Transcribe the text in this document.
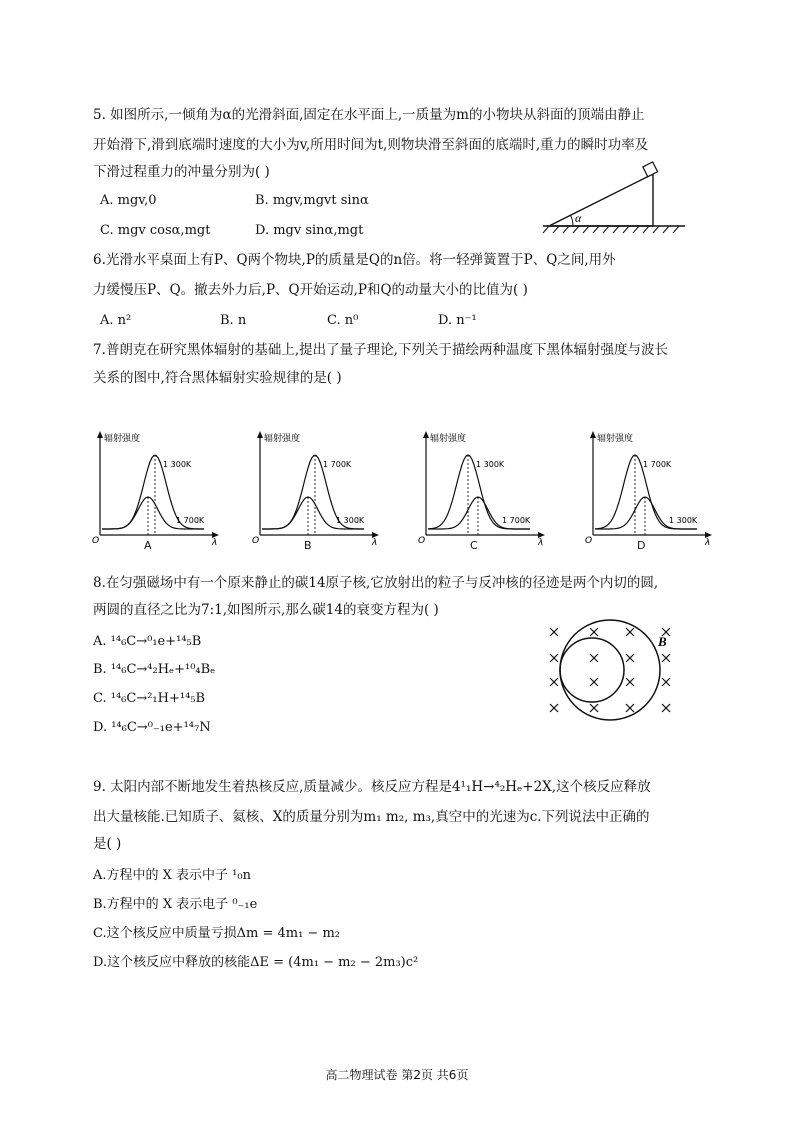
5. 如图所示,一倾角为α的光滑斜面,固定在水平面上,一质量为m的小物块从斜面的顶端由静止
开始滑下,滑到底端时速度的大小为v,所用时间为t,则物块滑至斜面的底端时,重力的瞬时功率及
下滑过程重力的冲量分别为( )
A. mgv,0	B. mgv,mgvt sinα
C. mgv cosα,mgt	D. mgv sinα,mgt
α
6.光滑水平桌面上有P、Q两个物块,P的质量是Q的n倍。将一轻弹簧置于P、Q之间,用外
力缓慢压P、Q。撤去外力后,P、Q开始运动,P和Q的动量大小的比值为( )
A. n²	B. n	C. n⁰	D. n⁻¹
7.普朗克在研究黑体辐射的基础上,提出了量子理论,下列关于描绘两种温度下黑体辐射强度与波长
关系的图中,符合黑体辐射实验规律的是( )
辐射强度
1 300K
1 700K
O	λ
A
辐射强度
1 700K
1 300K
O	λ
B
辐射强度
1 300K
1 700K
O	λ
C
辐射强度
1 700K
1 300K
O	λ
D
8.在匀强磁场中有一个原来静止的碳14原子核,它放射出的粒子与反冲核的径迹是两个内切的圆,
两圆的直径之比为7:1,如图所示,那么碳14的衰变方程为( )
A. ¹⁴₆C→⁰₁e+¹⁴₅B
B. ¹⁴₆C→⁴₂Hₑ+¹⁰₄Bₑ
C. ¹⁴₆C→²₁H+¹⁴₅B
D. ¹⁴₆C→⁰₋₁e+¹⁴₇N
B
9. 太阳内部不断地发生着热核反应,质量减少。核反应方程是4¹₁H→⁴₂Hₑ+2X,这个核反应释放
出大量核能.已知质子、氦核、X的质量分别为m₁ m₂, m₃,真空中的光速为c.下列说法中正确的
是( )
A.方程中的 X 表示中子 ¹₀n
B.方程中的 X 表示电子 ⁰₋₁e
C.这个核反应中质量亏损Δm = 4m₁ − m₂
D.这个核反应中释放的核能ΔE = (4m₁ − m₂ − 2m₃)c²
高二物理试卷 第2页 共6页
